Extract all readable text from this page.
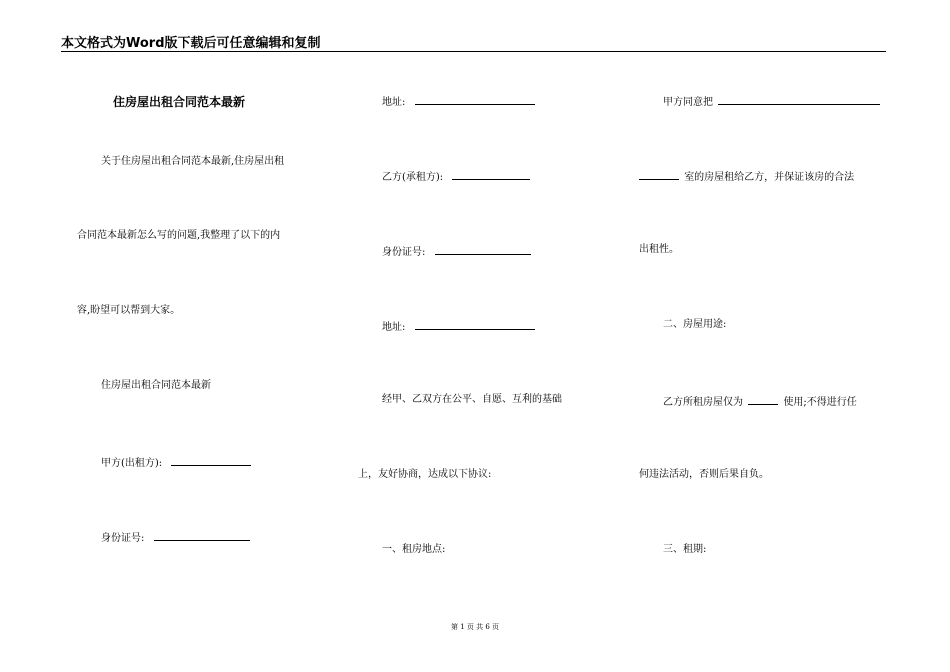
本文格式为Word版下载后可任意编辑和复制
住房屋出租合同范本最新
关于住房屋出租合同范本最新,住房屋出租
合同范本最新怎么写的问题,我整理了以下的内
容,盼望可以帮到大家。
住房屋出租合同范本最新
甲方(出租方):
身份证号:
地址:
乙方(承租方):
身份证号:
地址:
经甲、乙双方在公平、自愿、互利的基础
上，友好协商，达成以下协议:
一、租房地点:
甲方同意把
室的房屋租给乙方，并保证该房的合法
出租性。
二、房屋用途:
乙方所租房屋仅为	使用;不得进行任
何违法活动，否则后果自负。
三、租期:
第 1 页 共 6 页
